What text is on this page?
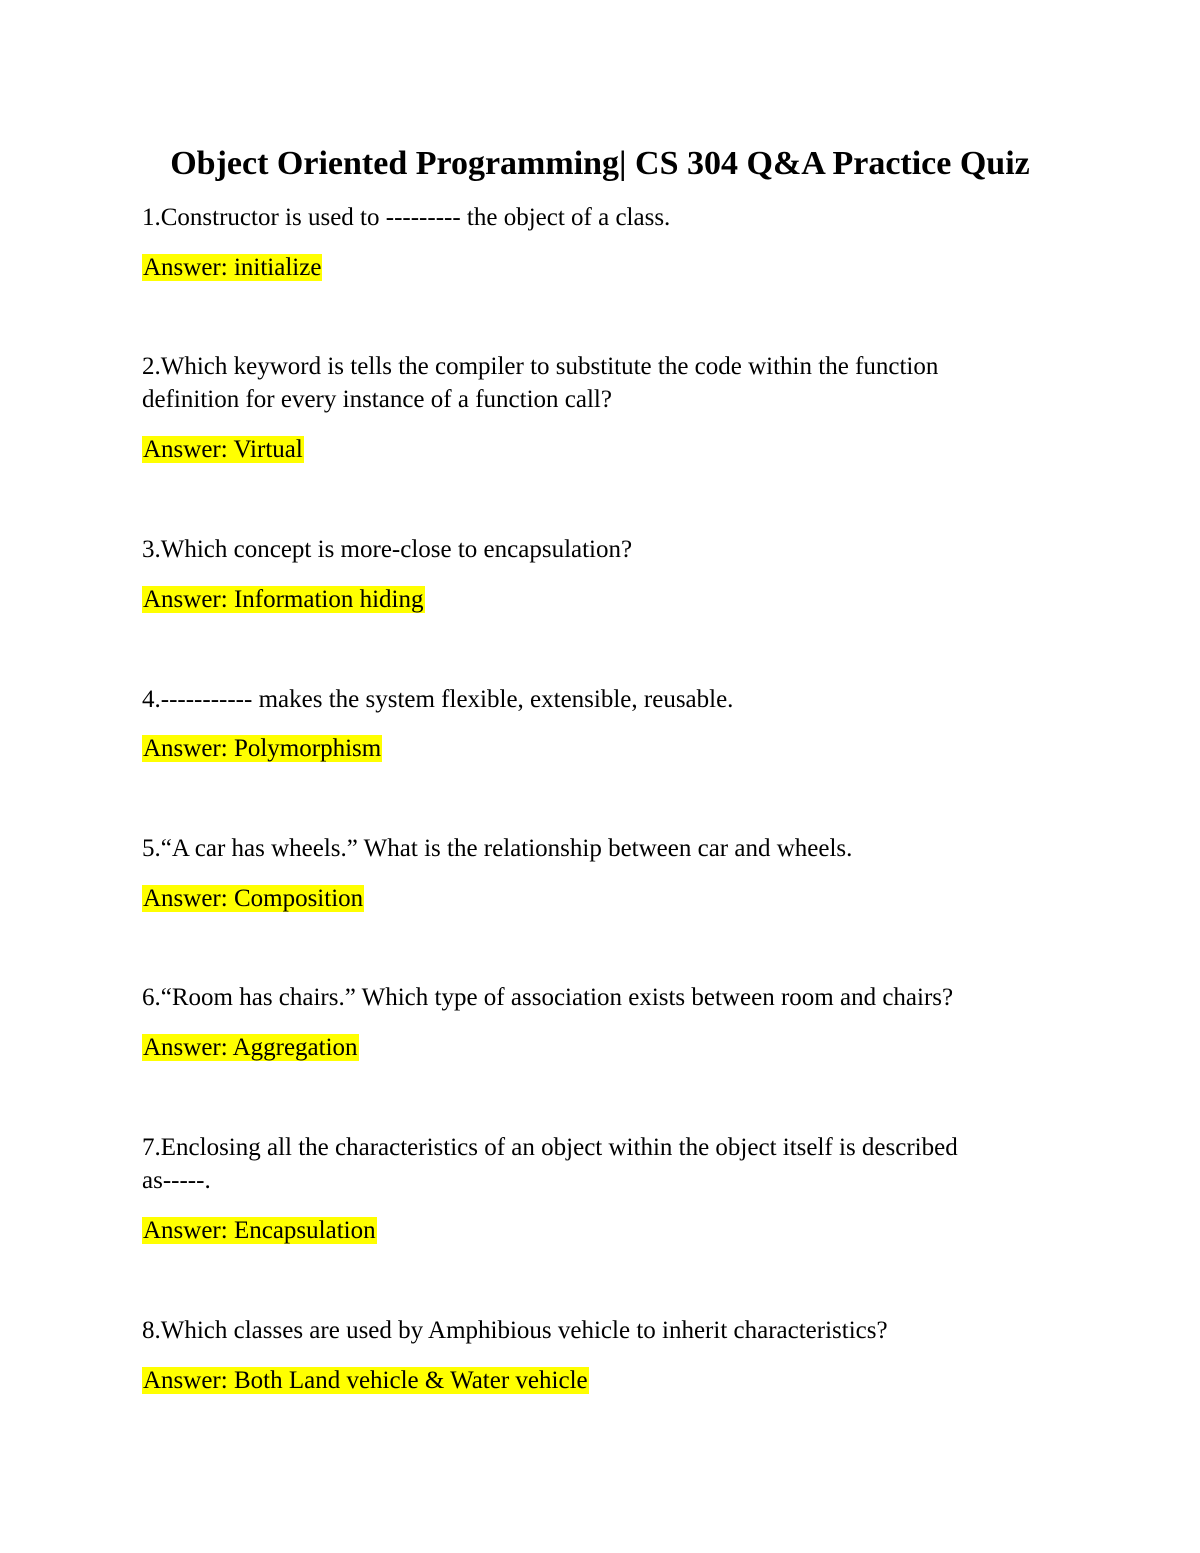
Object Oriented Programming| CS 304 Q&A Practice Quiz
1.Constructor is used to --------- the object of a class.
Answer: initialize
2.Which keyword is tells the compiler to substitute the code within the function
definition for every instance of a function call?
Answer: Virtual
3.Which concept is more-close to encapsulation?
Answer: Information hiding
4.----------- makes the system flexible, extensible, reusable.
Answer: Polymorphism
5.“A car has wheels.” What is the relationship between car and wheels.
Answer: Composition
6.“Room has chairs.” Which type of association exists between room and chairs?
Answer: Aggregation
7.Enclosing all the characteristics of an object within the object itself is described
as-----.
Answer: Encapsulation
8.Which classes are used by Amphibious vehicle to inherit characteristics?
Answer: Both Land vehicle & Water vehicle
